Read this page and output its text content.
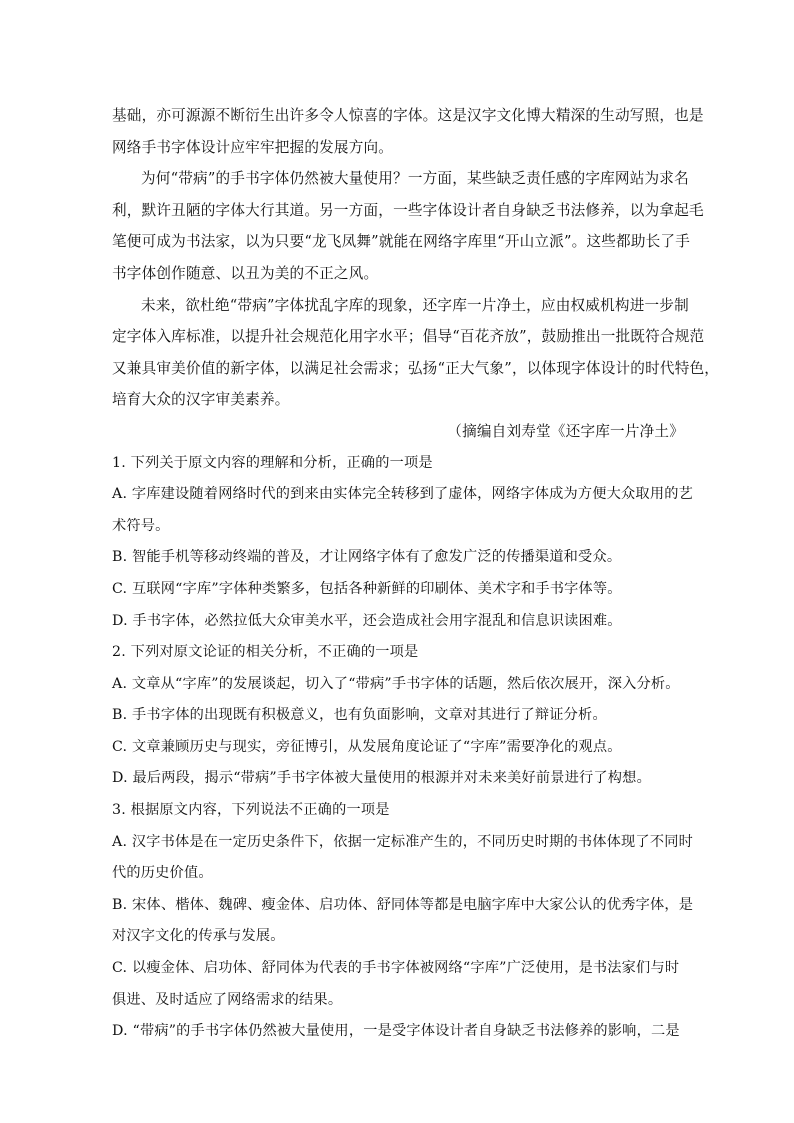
基础，亦可源源不断衍生出许多令人惊喜的字体。这是汉字文化博大精深的生动写照，也是
网络手书字体设计应牢牢把握的发展方向。
为何“带病”的手书字体仍然被大量使用？一方面，某些缺乏责任感的字库网站为求名
利，默许丑陋的字体大行其道。另一方面，一些字体设计者自身缺乏书法修养，以为拿起毛
笔便可成为书法家，以为只要“龙飞凤舞”就能在网络字库里“开山立派”。这些都助长了手
书字体创作随意、以丑为美的不正之风。
未来，欲杜绝“带病”字体扰乱字库的现象，还字库一片净土，应由权威机构进一步制
定字体入库标准，以提升社会规范化用字水平；倡导“百花齐放”，鼓励推出一批既符合规范
又兼具审美价值的新字体，以满足社会需求；弘扬“正大气象”，以体现字体设计的时代特色，
培育大众的汉字审美素养。
（摘编自刘寿堂《还字库一片净土》
1. 下列关于原文内容的理解和分析，正确的一项是
A. 字库建设随着网络时代的到来由实体完全转移到了虚体，网络字体成为方便大众取用的艺
术符号。
B. 智能手机等移动终端的普及，才让网络字体有了愈发广泛的传播渠道和受众。
C. 互联网“字库”字体种类繁多，包括各种新鲜的印刷体、美术字和手书字体等。
D. 手书字体，必然拉低大众审美水平，还会造成社会用字混乱和信息识读困难。
2. 下列对原文论证的相关分析，不正确的一项是
A. 文章从“字库”的发展谈起，切入了“带病”手书字体的话题，然后依次展开，深入分析。
B. 手书字体的出现既有积极意义，也有负面影响，文章对其进行了辩证分析。
C. 文章兼顾历史与现实，旁征博引，从发展角度论证了“字库”需要净化的观点。
D. 最后两段，揭示“带病”手书字体被大量使用的根源并对未来美好前景进行了构想。
3. 根据原文内容，下列说法不正确的一项是
A. 汉字书体是在一定历史条件下，依据一定标准产生的，不同历史时期的书体体现了不同时
代的历史价值。
B. 宋体、楷体、魏碑、瘦金体、启功体、舒同体等都是电脑字库中大家公认的优秀字体，是
对汉字文化的传承与发展。
C. 以瘦金体、启功体、舒同体为代表的手书字体被网络“字库”广泛使用，是书法家们与时
俱进、及时适应了网络需求的结果。
D. “带病”的手书字体仍然被大量使用，一是受字体设计者自身缺乏书法修养的影响，二是
